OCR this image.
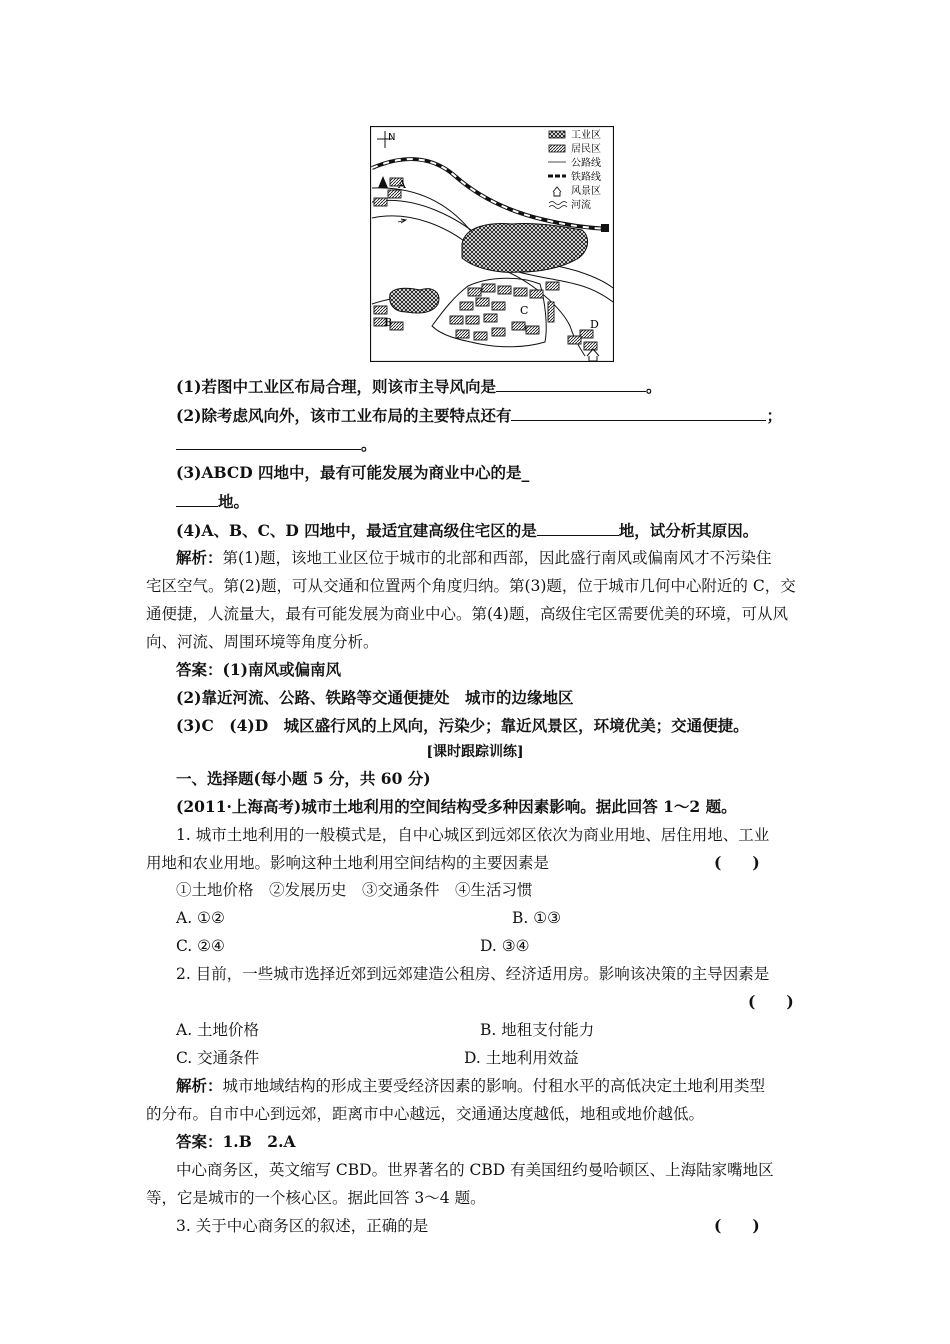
N	工业区
居民区
公路线
铁路线
风景区
河流
A
B
C
D
(1)若图中工业区布局合理，则该市主导风向是	。
(2)除考虑风向外，该市工业布局的主要特点还有	；
。
(3)ABCD 四地中，最有可能发展为商业中心的是_
地。
(4)A、B、C、D 四地中，最适宜建高级住宅区的是	地，试分析其原因。
解析：第(1)题，该地工业区位于城市的北部和西部，因此盛行南风或偏南风才不污染住
宅区空气。第(2)题，可从交通和位置两个角度归纳。第(3)题，位于城市几何中心附近的 C，交
通便捷，人流量大，最有可能发展为商业中心。第(4)题，高级住宅区需要优美的环境，可从风
向、河流、周围环境等角度分析。
答案：(1)南风或偏南风
(2)靠近河流、公路、铁路等交通便捷处　城市的边缘地区
(3)C　(4)D　城区盛行风的上风向，污染少；靠近风景区，环境优美；交通便捷。
[课时跟踪训练]
一、选择题(每小题 5 分，共 60 分)
(2011·上海高考)城市土地利用的空间结构受多种因素影响。据此回答 1～2 题。
1. 城市土地利用的一般模式是，自中心城区到远郊区依次为商业用地、居住用地、工业
用地和农业用地。影响这种土地利用空间结构的主要因素是	(　　)
①土地价格　②发展历史　③交通条件　④生活习惯
A. ①②	B. ①③
C. ②④	D. ③④
2. 目前，一些城市选择近郊到远郊建造公租房、经济适用房。影响该决策的主导因素是
(　　)
A. 土地价格	B. 地租支付能力
C. 交通条件	D. 土地利用效益
解析：城市地域结构的形成主要受经济因素的影响。付租水平的高低决定土地利用类型
的分布。自市中心到远郊，距离市中心越远，交通通达度越低，地租或地价越低。
答案：1.B　2.A
中心商务区，英文缩写 CBD。世界著名的 CBD 有美国纽约曼哈顿区、上海陆家嘴地区
等，它是城市的一个核心区。据此回答 3～4 题。
3. 关于中心商务区的叙述，正确的是	(　　)
